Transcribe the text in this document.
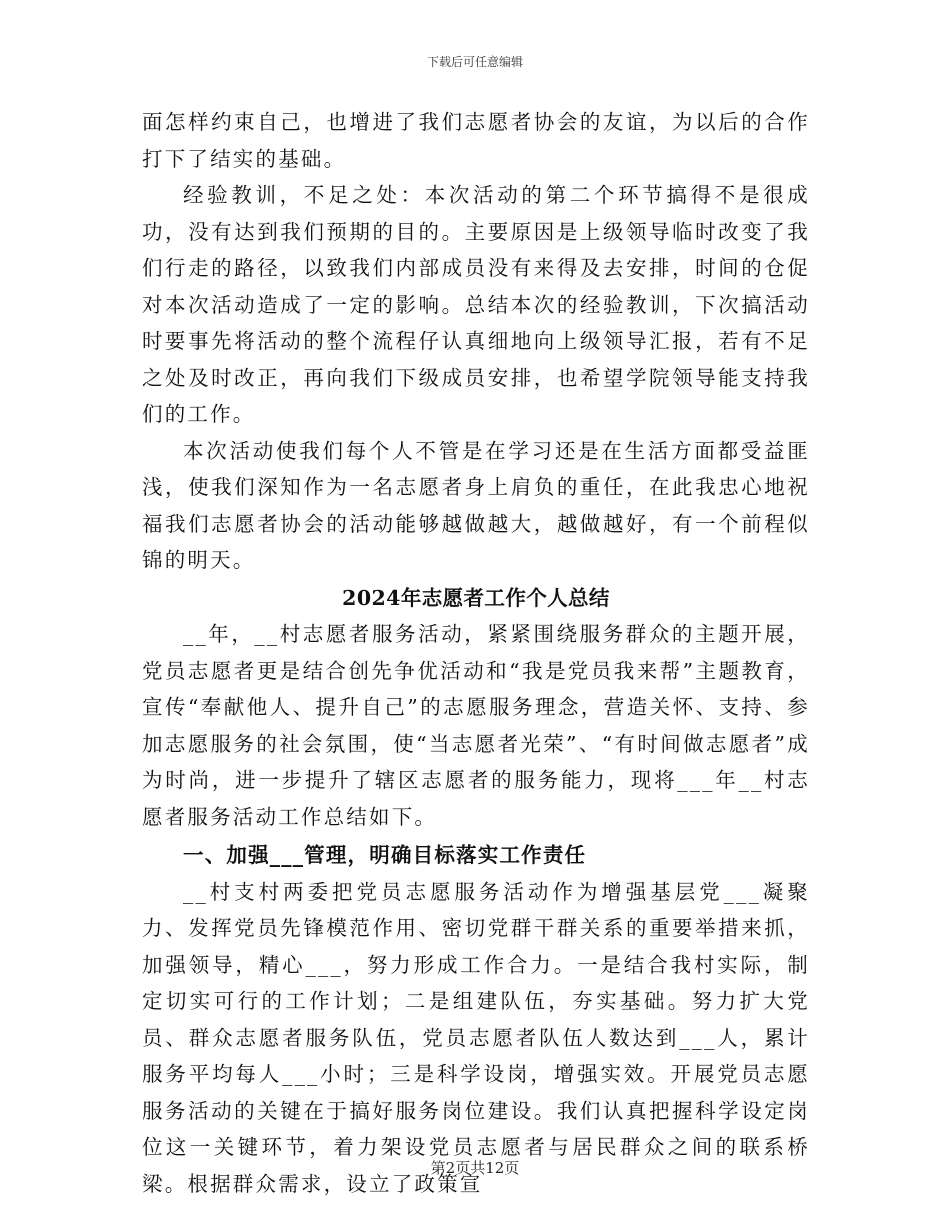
下载后可任意编辑

面怎样约束自己，也增进了我们志愿者协会的友谊，为以后的合作打下了结实的基础。

经验教训，不足之处：本次活动的第二个环节搞得不是很成功，没有达到我们预期的目的。主要原因是上级领导临时改变了我们行走的路径，以致我们内部成员没有来得及去安排，时间的仓促对本次活动造成了一定的影响。总结本次的经验教训，下次搞活动时要事先将活动的整个流程仔认真细地向上级领导汇报，若有不足之处及时改正，再向我们下级成员安排，也希望学院领导能支持我们的工作。

本次活动使我们每个人不管是在学习还是在生活方面都受益匪浅，使我们深知作为一名志愿者身上肩负的重任，在此我忠心地祝福我们志愿者协会的活动能够越做越大，越做越好，有一个前程似锦的明天。

2024年志愿者工作个人总结

__年，__村志愿者服务活动，紧紧围绕服务群众的主题开展，党员志愿者更是结合创先争优活动和“我是党员我来帮”主题教育，宣传“奉献他人、提升自己”的志愿服务理念，营造关怀、支持、参加志愿服务的社会氛围，使“当志愿者光荣”、“有时间做志愿者”成为时尚，进一步提升了辖区志愿者的服务能力，现将___年__村志愿者服务活动工作总结如下。

一、加强___管理，明确目标落实工作责任

__村支村两委把党员志愿服务活动作为增强基层党___凝聚力、发挥党员先锋模范作用、密切党群干群关系的重要举措来抓，加强领导，精心___，努力形成工作合力。一是结合我村实际，制定切实可行的工作计划；二是组建队伍，夯实基础。努力扩大党员、群众志愿者服务队伍，党员志愿者队伍人数达到___人，累计服务平均每人___小时；三是科学设岗，增强实效。开展党员志愿服务活动的关键在于搞好服务岗位建设。我们认真把握科学设定岗位这一关键环节，着力架设党员志愿者与居民群众之间的联系桥梁。根据群众需求，设立了政策宣

第2页共12页
